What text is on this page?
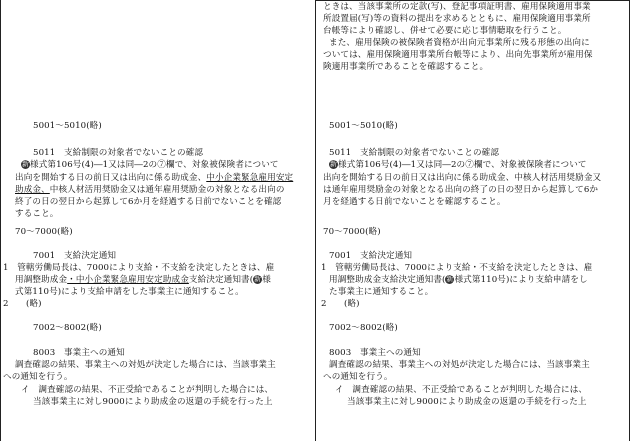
5001～5010(略)
5011　支給制限の対象者でないことの確認
新様式第106号(4)―1又は同―2の⑦欄で、対象被保険者について
出向を開始する日の前日又は出向に係る助成金、中小企業緊急雇用安定
助成金、中核人材活用奨励金又は通年雇用奨励金の対象となる出向の
終了の日の翌日から起算して6か月を経過する日前でないことを確認
すること。
70～7000(略)
7001　支給決定通知
1　管轄労働局長は、7000により支給・不支給を決定したときは、雇
用調整助成金・中小企業緊急雇用安定助成金支給決定通知書(新様
式第110号)により支給申請をした事業主に通知すること。
2　　(略)
7002～8002(略)
8003　事業主への通知
調査確認の結果、事業主への対処が決定した場合には、当該事業主
への通知を行う。
イ　調査確認の結果、不正受給であることが判明した場合には、
当該事業主に対し9000により助成金の返還の手続を行った上
ときは、当該事業所の定款(写)、登記事項証明書、雇用保険適用事業
所設置届(写)等の資料の提出を求めるとともに、雇用保険適用事業所
台帳等により確認し、併せて必要に応じ事情聴取を行うこと。
また、雇用保険の被保険者資格が出向元事業所に残る形態の出向に
ついては、雇用保険適用事業所台帳等により、出向先事業所が雇用保
険適用事業所であることを確認すること。
5001～5010(略)
5011　支給制限の対象者でないことの確認
新様式第106号(4)―1又は同―2の⑦欄で、対象被保険者について
出向を開始する日の前日又は出向に係る助成金、中核人材活用奨励金又
は通年雇用奨励金の対象となる出向の終了の日の翌日から起算して6か
月を経過する日前でないことを確認すること。
70～7000(略)
7001　支給決定通知
1　管轄労働局長は、7000により支給・不支給を決定したときは、雇
用調整助成金支給決定通知書(新様式第110号)により支給申請をし
た事業主に通知すること。
2　　(略)
7002～8002(略)
8003　事業主への通知
調査確認の結果、事業主への対処が決定した場合には、当該事業主
への通知を行う。
イ　調査確認の結果、不正受給であることが判明した場合には、
当該事業主に対し9000により助成金の返還の手続を行った上
